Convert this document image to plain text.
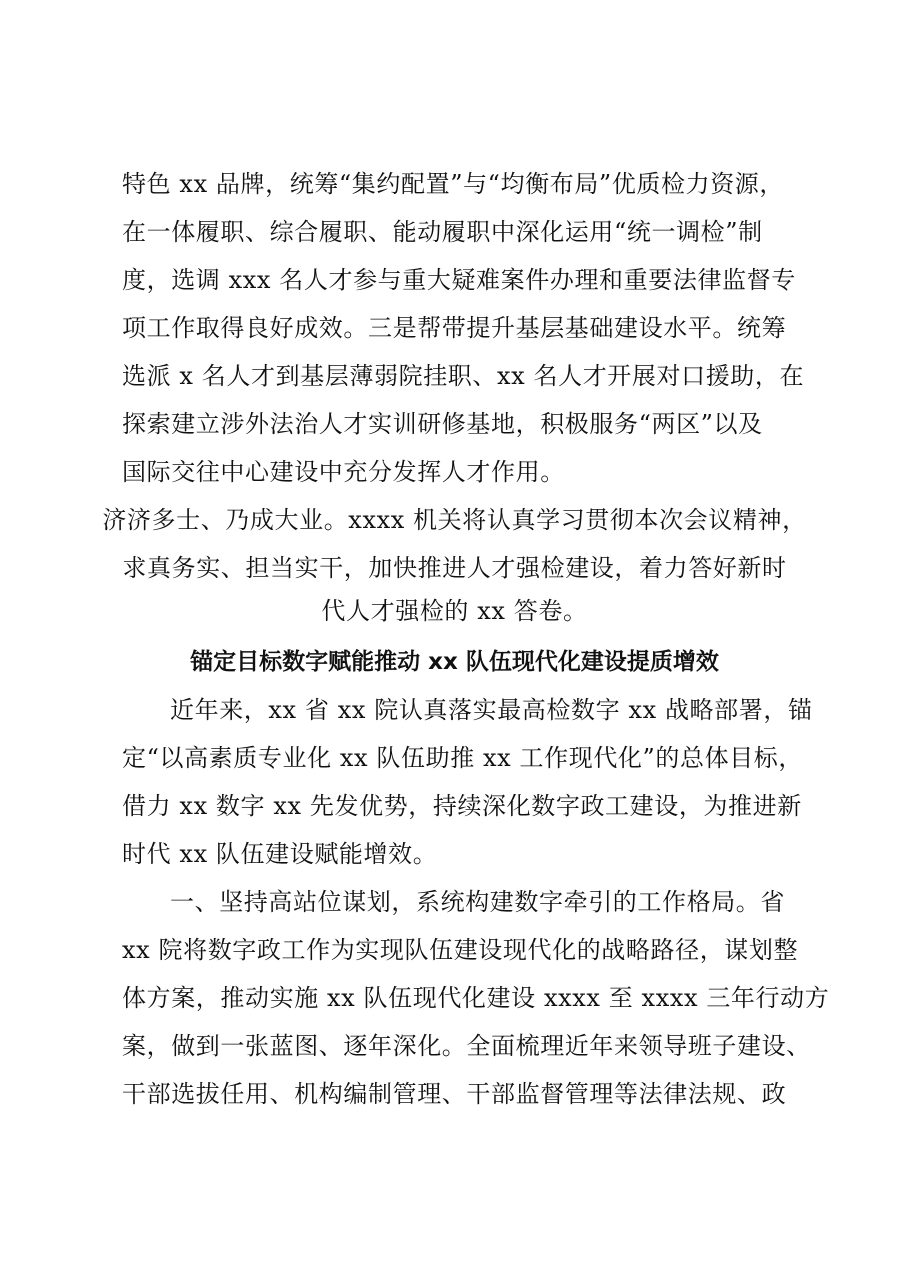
特色 xx 品牌，统筹“集约配置”与“均衡布局”优质检力资源，
在一体履职、综合履职、能动履职中深化运用“统一调检”制
度，选调 xxx 名人才参与重大疑难案件办理和重要法律监督专
项工作取得良好成效。三是帮带提升基层基础建设水平。统筹
选派 x 名人才到基层薄弱院挂职、xx 名人才开展对口援助，在
探索建立涉外法治人才实训研修基地，积极服务“两区”以及
国际交往中心建设中充分发挥人才作用。
济济多士、乃成大业。xxxx 机关将认真学习贯彻本次会议精神，
求真务实、担当实干，加快推进人才强检建设，着力答好新时
代人才强检的 xx 答卷。
锚定目标数字赋能推动 xx 队伍现代化建设提质增效
近年来，xx 省 xx 院认真落实最高检数字 xx 战略部署，锚
定“以高素质专业化 xx 队伍助推 xx 工作现代化”的总体目标，
借力 xx 数字 xx 先发优势，持续深化数字政工建设，为推进新
时代 xx 队伍建设赋能增效。
一、坚持高站位谋划，系统构建数字牵引的工作格局。省
xx 院将数字政工作为实现队伍建设现代化的战略路径，谋划整
体方案，推动实施 xx 队伍现代化建设 xxxx 至 xxxx 三年行动方
案，做到一张蓝图、逐年深化。全面梳理近年来领导班子建设、
干部选拔任用、机构编制管理、干部监督管理等法律法规、政
